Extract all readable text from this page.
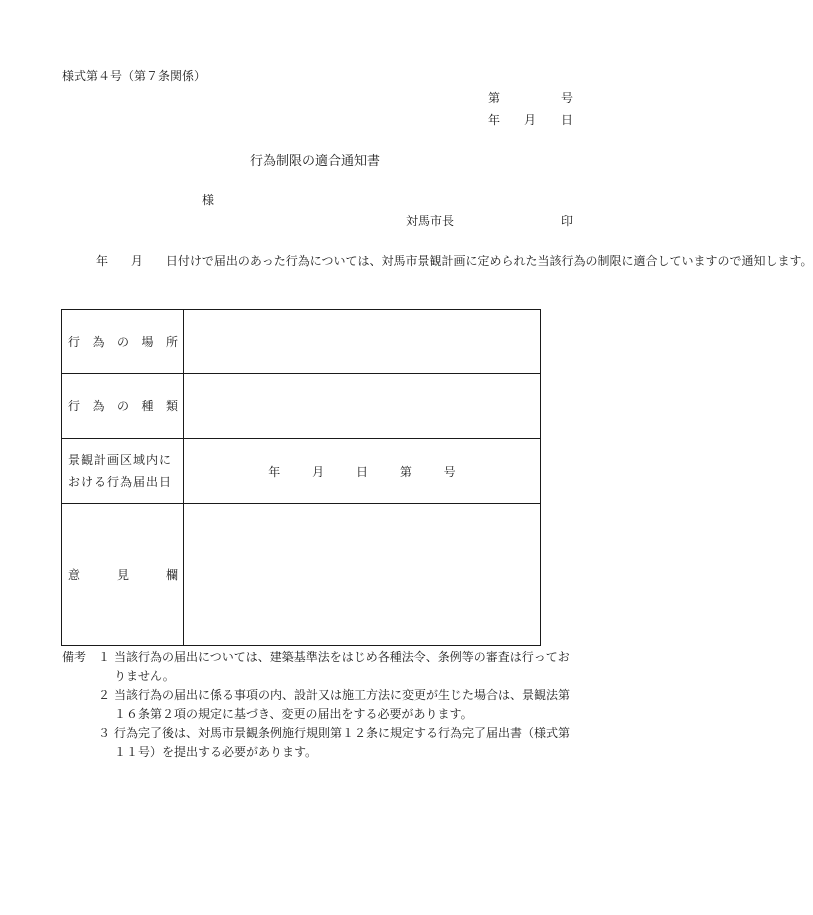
様式第４号（第７条関係）
第	号
年 月 日
行為制限の適合通知書
様
対馬市長	印
年 月 日付けで届出のあった行為については、対馬市景観計画に定められた当該行為の制限に適合していますので通知します。
行為の場所	
行為の種類	
景観計画区域内における行為届出日	年 月 日 第 号

意見欄	
備考 １ 当該行為の届出については、建築基準法をはじめ各種法令、条例等の審査は行っておりません。
２ 当該行為の届出に係る事項の内、設計又は施工方法に変更が生じた場合は、景観法第１６条第２項の規定に基づき、変更の届出をする必要があります。
３ 行為完了後は、対馬市景観条例施行規則第１２条に規定する行為完了届出書（様式第１１号）を提出する必要があります。
